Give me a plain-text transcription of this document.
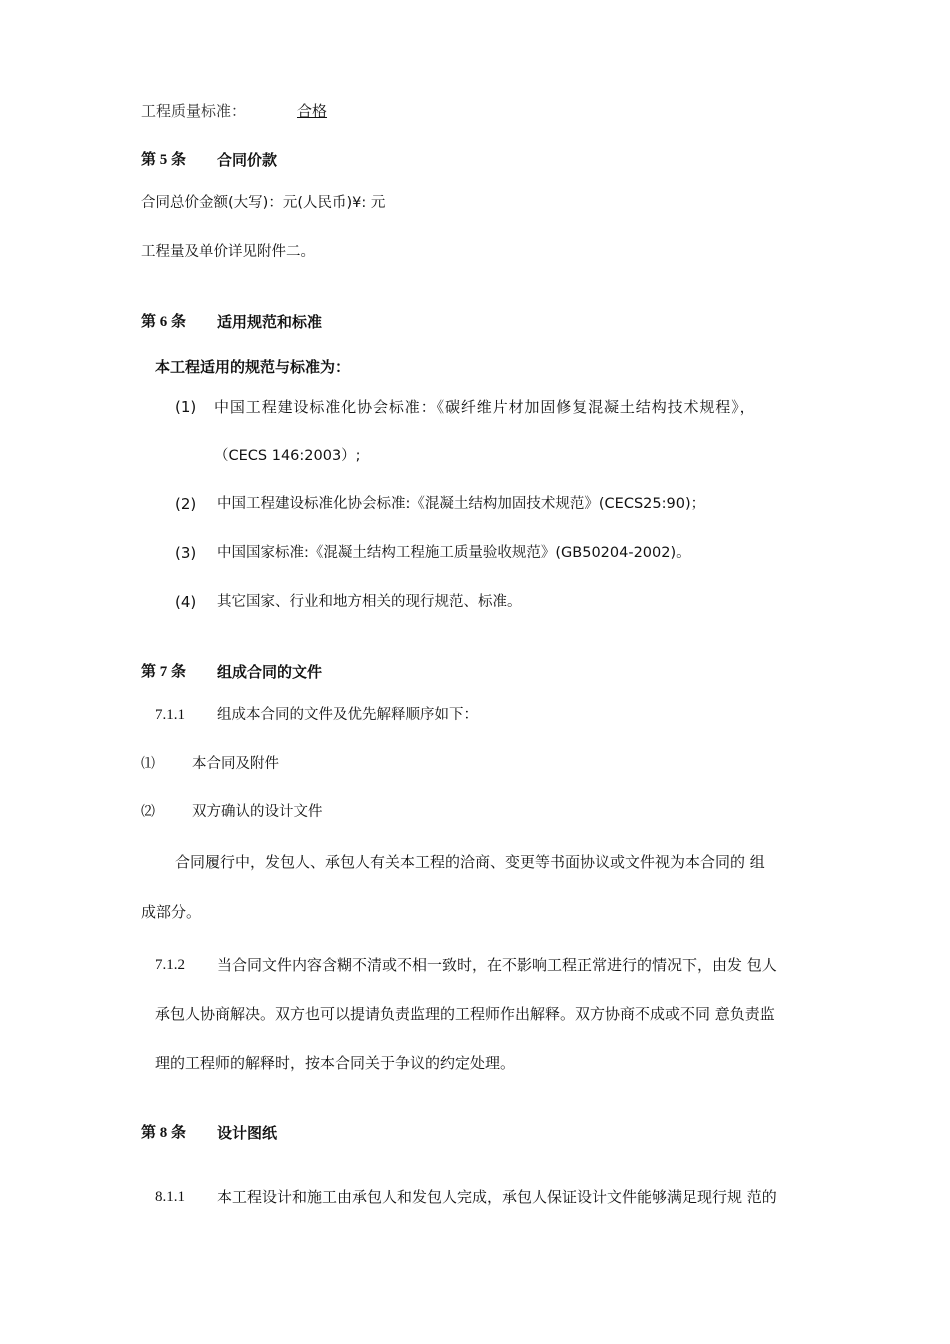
工程质量标准：	合格
第 5 条 合同价款
合同总价金额(大写)：元(人民币)¥: 元
工程量及单价详见附件二。
第 6 条 适用规范和标准
本工程适用的规范与标准为：
(1) 中国工程建设标准化协会标准：《碳纤维片材加固修复混凝土结构技术规程》，
（CECS 146:2003）;
(2) 中国工程建设标准化协会标准:《混凝土结构加固技术规范》(CECS25:90)；
(3) 中国国家标准:《混凝土结构工程施工质量验收规范》(GB50204-2002)。
(4) 其它国家、行业和地方相关的现行规范、标准。
第 7 条 组成合同的文件
7.1.1 组成本合同的文件及优先解释顺序如下：
⑴	本合同及附件
⑵	双方确认的设计文件
合同履行中，发包人、承包人有关本工程的洽商、变更等书面协议或文件视为本合同的 组
成部分。
7.1.2 当合同文件内容含糊不清或不相一致时，在不影响工程正常进行的情况下，由发 包人
承包人协商解决。双方也可以提请负责监理的工程师作出解释。双方协商不成或不同 意负责监
理的工程师的解释时，按本合同关于争议的约定处理。
第 8 条 设计图纸
8.1.1 本工程设计和施工由承包人和发包人完成，承包人保证设计文件能够满足现行规 范的
